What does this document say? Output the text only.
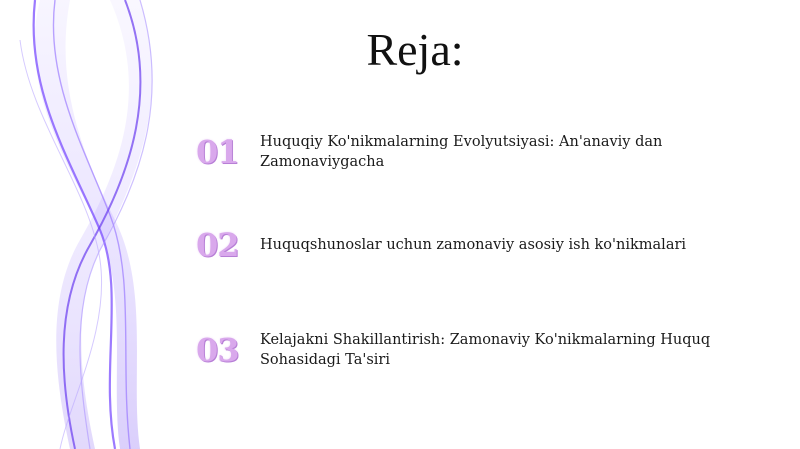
Reja:
01	Huquqiy Ko'nikmalarning Evolyutsiyasi: An'anaviy dan Zamonaviygacha
02	Huquqshunoslar uchun zamonaviy asosiy ish ko'nikmalari
03	Kelajakni Shakillantirish: Zamonaviy Ko'nikmalarning Huquq Sohasidagi Ta'siri
